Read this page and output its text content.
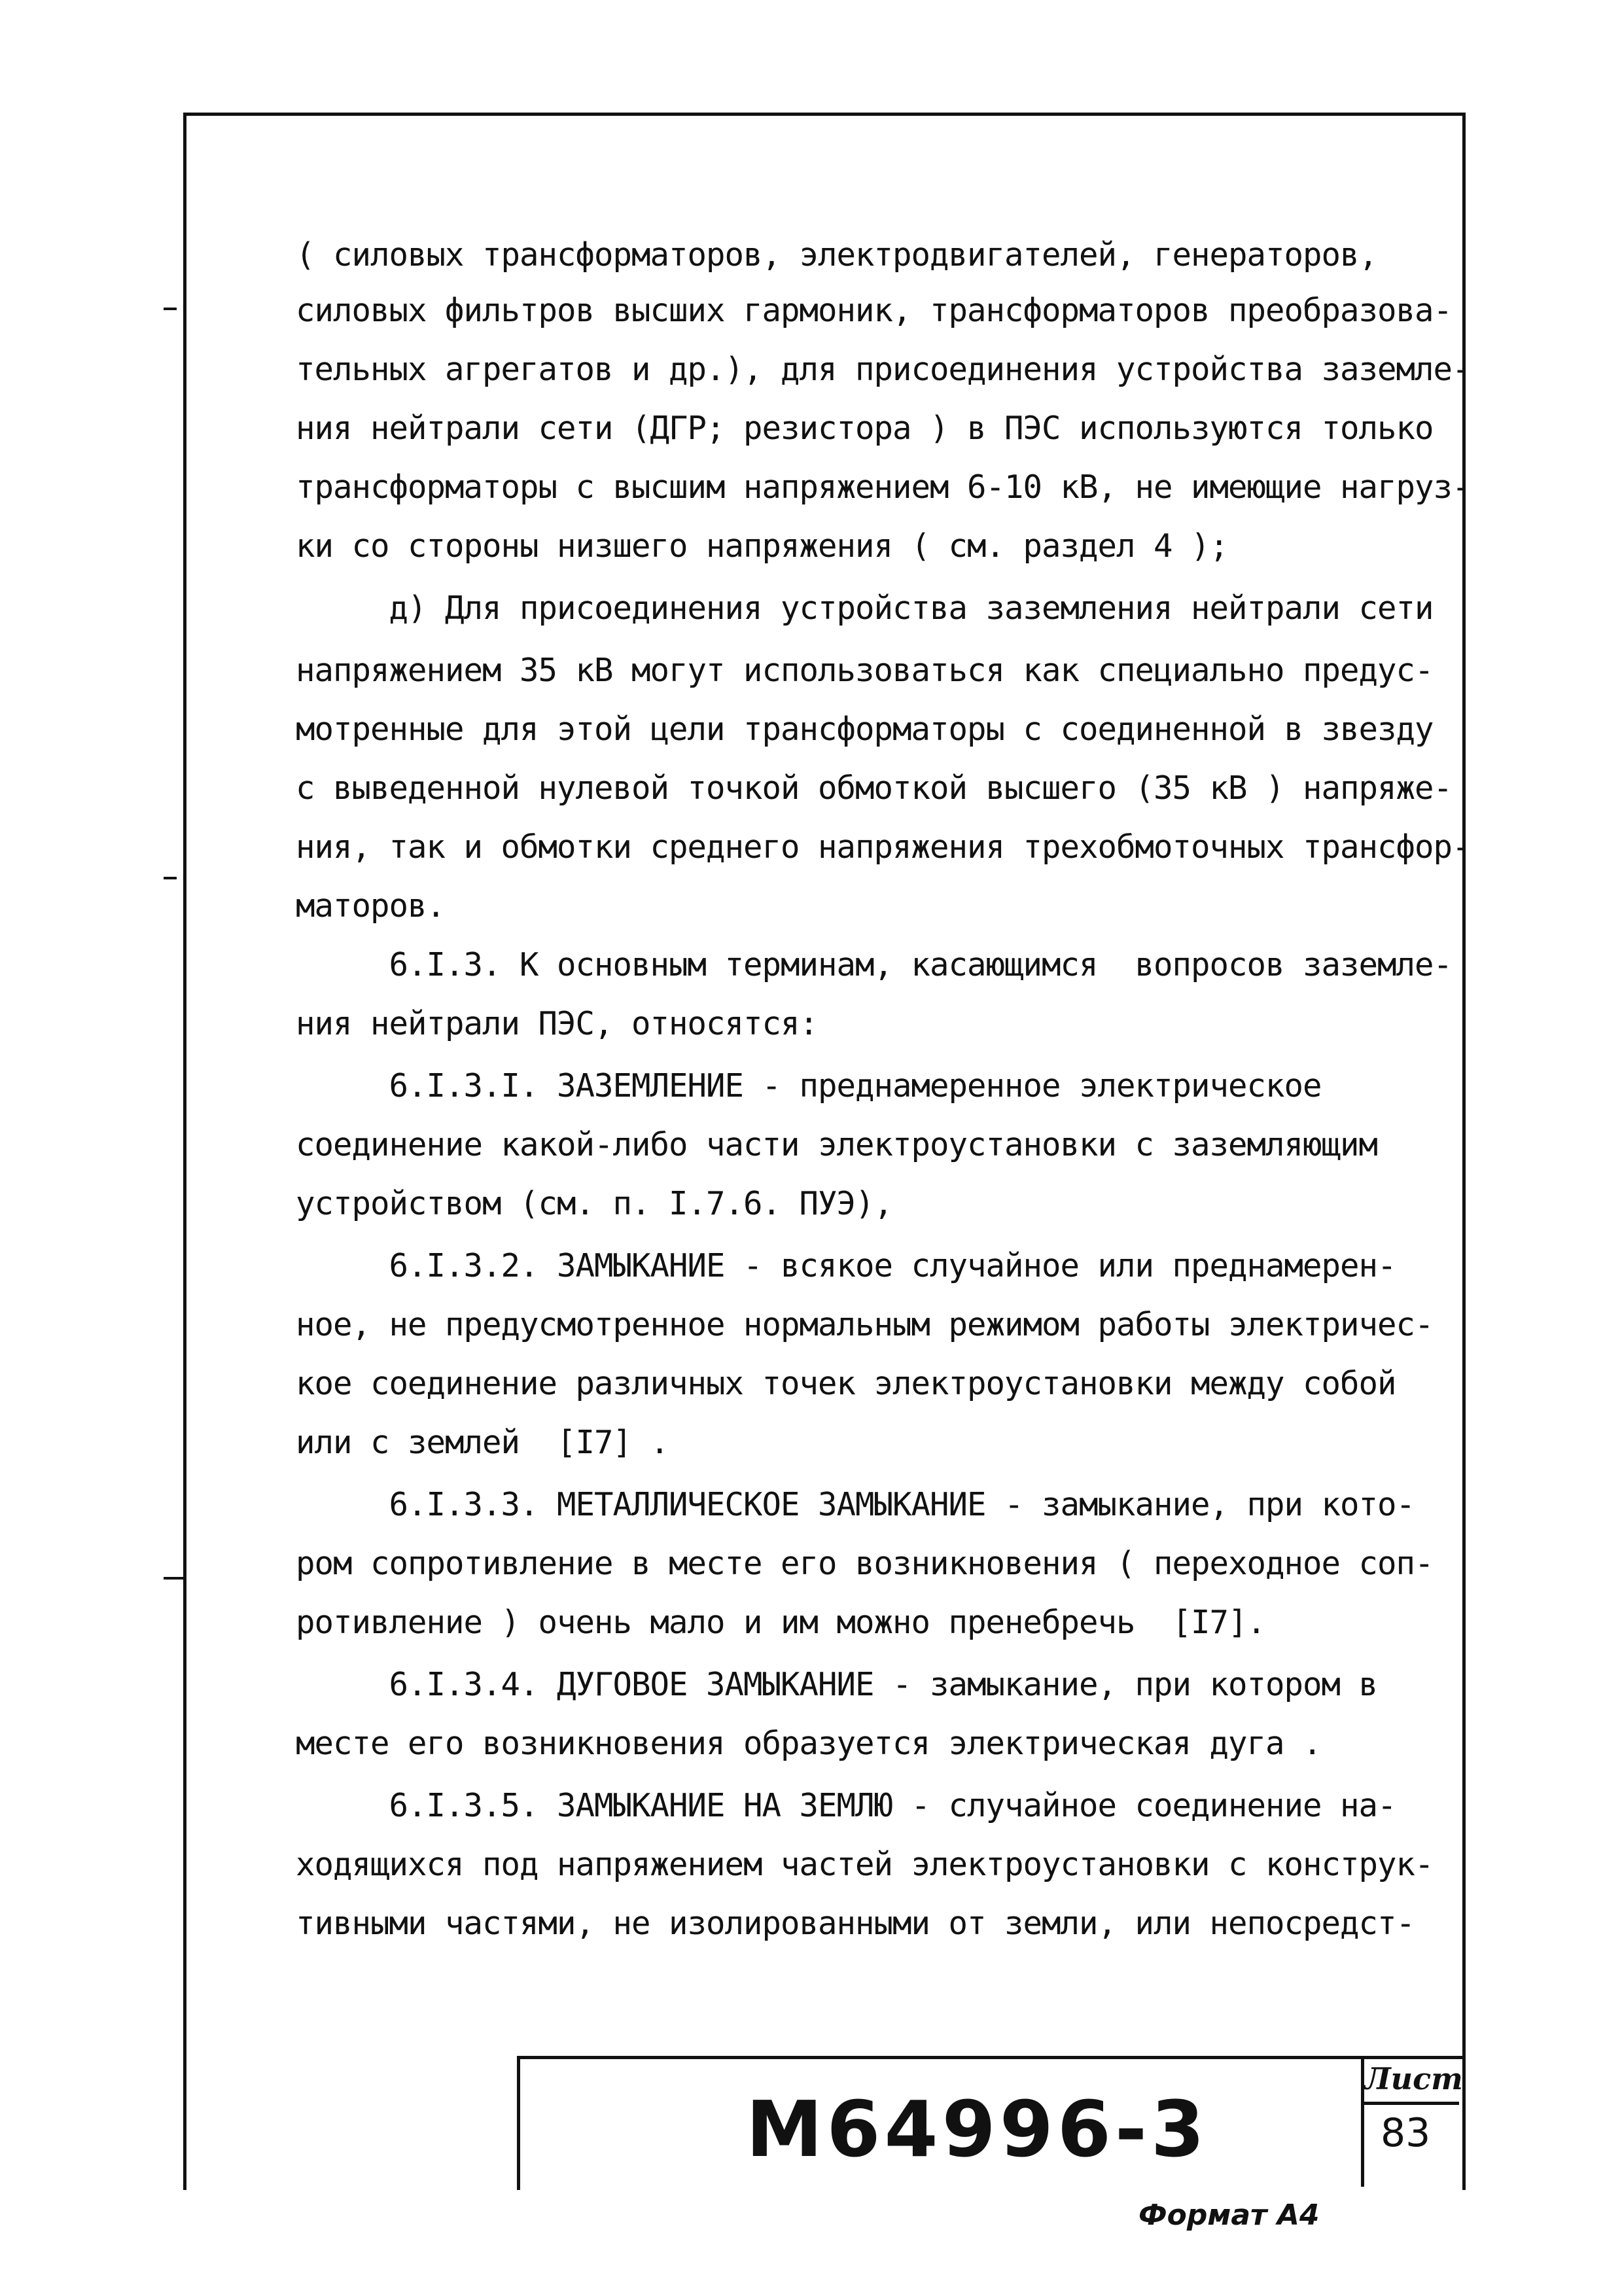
( силовых трансформаторов, электродвигателей, генераторов,
силовых фильтров высших гармоник, трансформаторов преобразова-
тельных агрегатов и др.), для присоединения устройства заземле-
ния нейтрали сети (ДГР; резистора ) в ПЭС используются только
трансформаторы с высшим напряжением 6-10 кВ, не имеющие нагруз-
ки со стороны низшего напряжения ( см. раздел 4 );
д) Для присоединения устройства заземления нейтрали сети
напряжением 35 кВ могут использоваться как специально предус-
мотренные для этой цели трансформаторы с соединенной в звезду
с выведенной нулевой точкой обмоткой высшего (35 кВ ) напряже-
ния, так и обмотки среднего напряжения трехобмоточных трансфор-
маторов.
6.I.3. К основным терминам, касающимся  вопросов заземле-
ния нейтрали ПЭС, относятся:
6.I.3.I. ЗАЗЕМЛЕНИЕ - преднамеренное электрическое
соединение какой-либо части электроустановки с заземляющим
устройством (см. п. I.7.6. ПУЭ),
6.I.3.2. ЗАМЫКАНИЕ - всякое случайное или преднамерен-
ное, не предусмотренное нормальным режимом работы электричес-
кое соединение различных точек электроустановки между собой
или с землей  [I7] .
6.I.3.3. МЕТАЛЛИЧЕСКОЕ ЗАМЫКАНИЕ - замыкание, при кото-
ром сопротивление в месте его возникновения ( переходное соп-
ротивление ) очень мало и им можно пренебречь  [I7].
6.I.3.4. ДУГОВОЕ ЗАМЫКАНИЕ - замыкание, при котором в
месте его возникновения образуется электрическая дуга .
6.I.3.5. ЗАМЫКАНИЕ НА ЗЕМЛЮ - случайное соединение на-
ходящихся под напряжением частей электроустановки с конструк-
тивными частями, не изолированными от земли, или непосредст-
М64996-3
Лист
83
Формат А4
